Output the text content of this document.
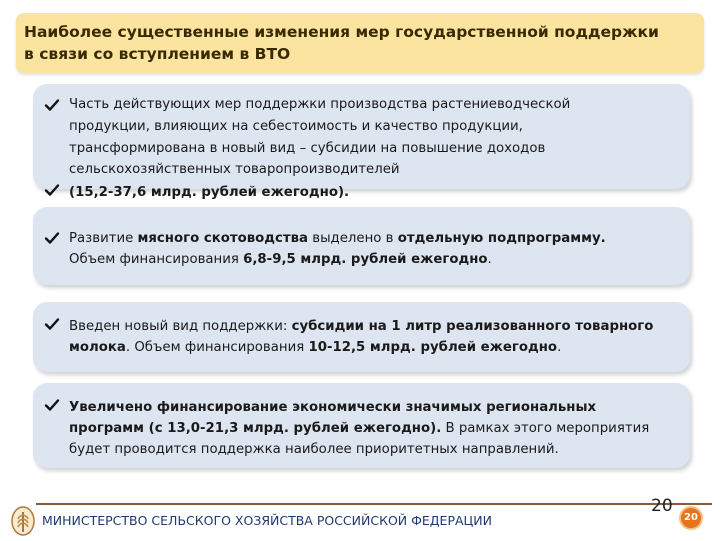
Наиболее существенные изменения мер государственной поддержки
в связи со вступлением в ВТО
Часть действующих мер поддержки производства растениеводческой
продукции, влияющих на себестоимость и качество продукции,
трансформирована в новый вид – субсидии на повышение доходов
сельскохозяйственных товаропроизводителей
(15,2-37,6 млрд. рублей ежегодно).
Развитие мясного скотоводства выделено в отдельную подпрограмму.
Объем финансирования 6,8-9,5 млрд. рублей ежегодно.
Введен новый вид поддержки: субсидии на 1 литр реализованного товарного
молока. Объем финансирования 10-12,5 млрд. рублей ежегодно.
Увеличено финансирование экономически значимых региональных
программ (с 13,0-21,3 млрд. рублей ежегодно). В рамках этого мероприятия
будет проводится поддержка наиболее приоритетных направлений.
МИНИСТЕРСТВО СЕЛЬСКОГО ХОЗЯЙСТВА РОССИЙСКОЙ ФЕДЕРАЦИИ
20
20
